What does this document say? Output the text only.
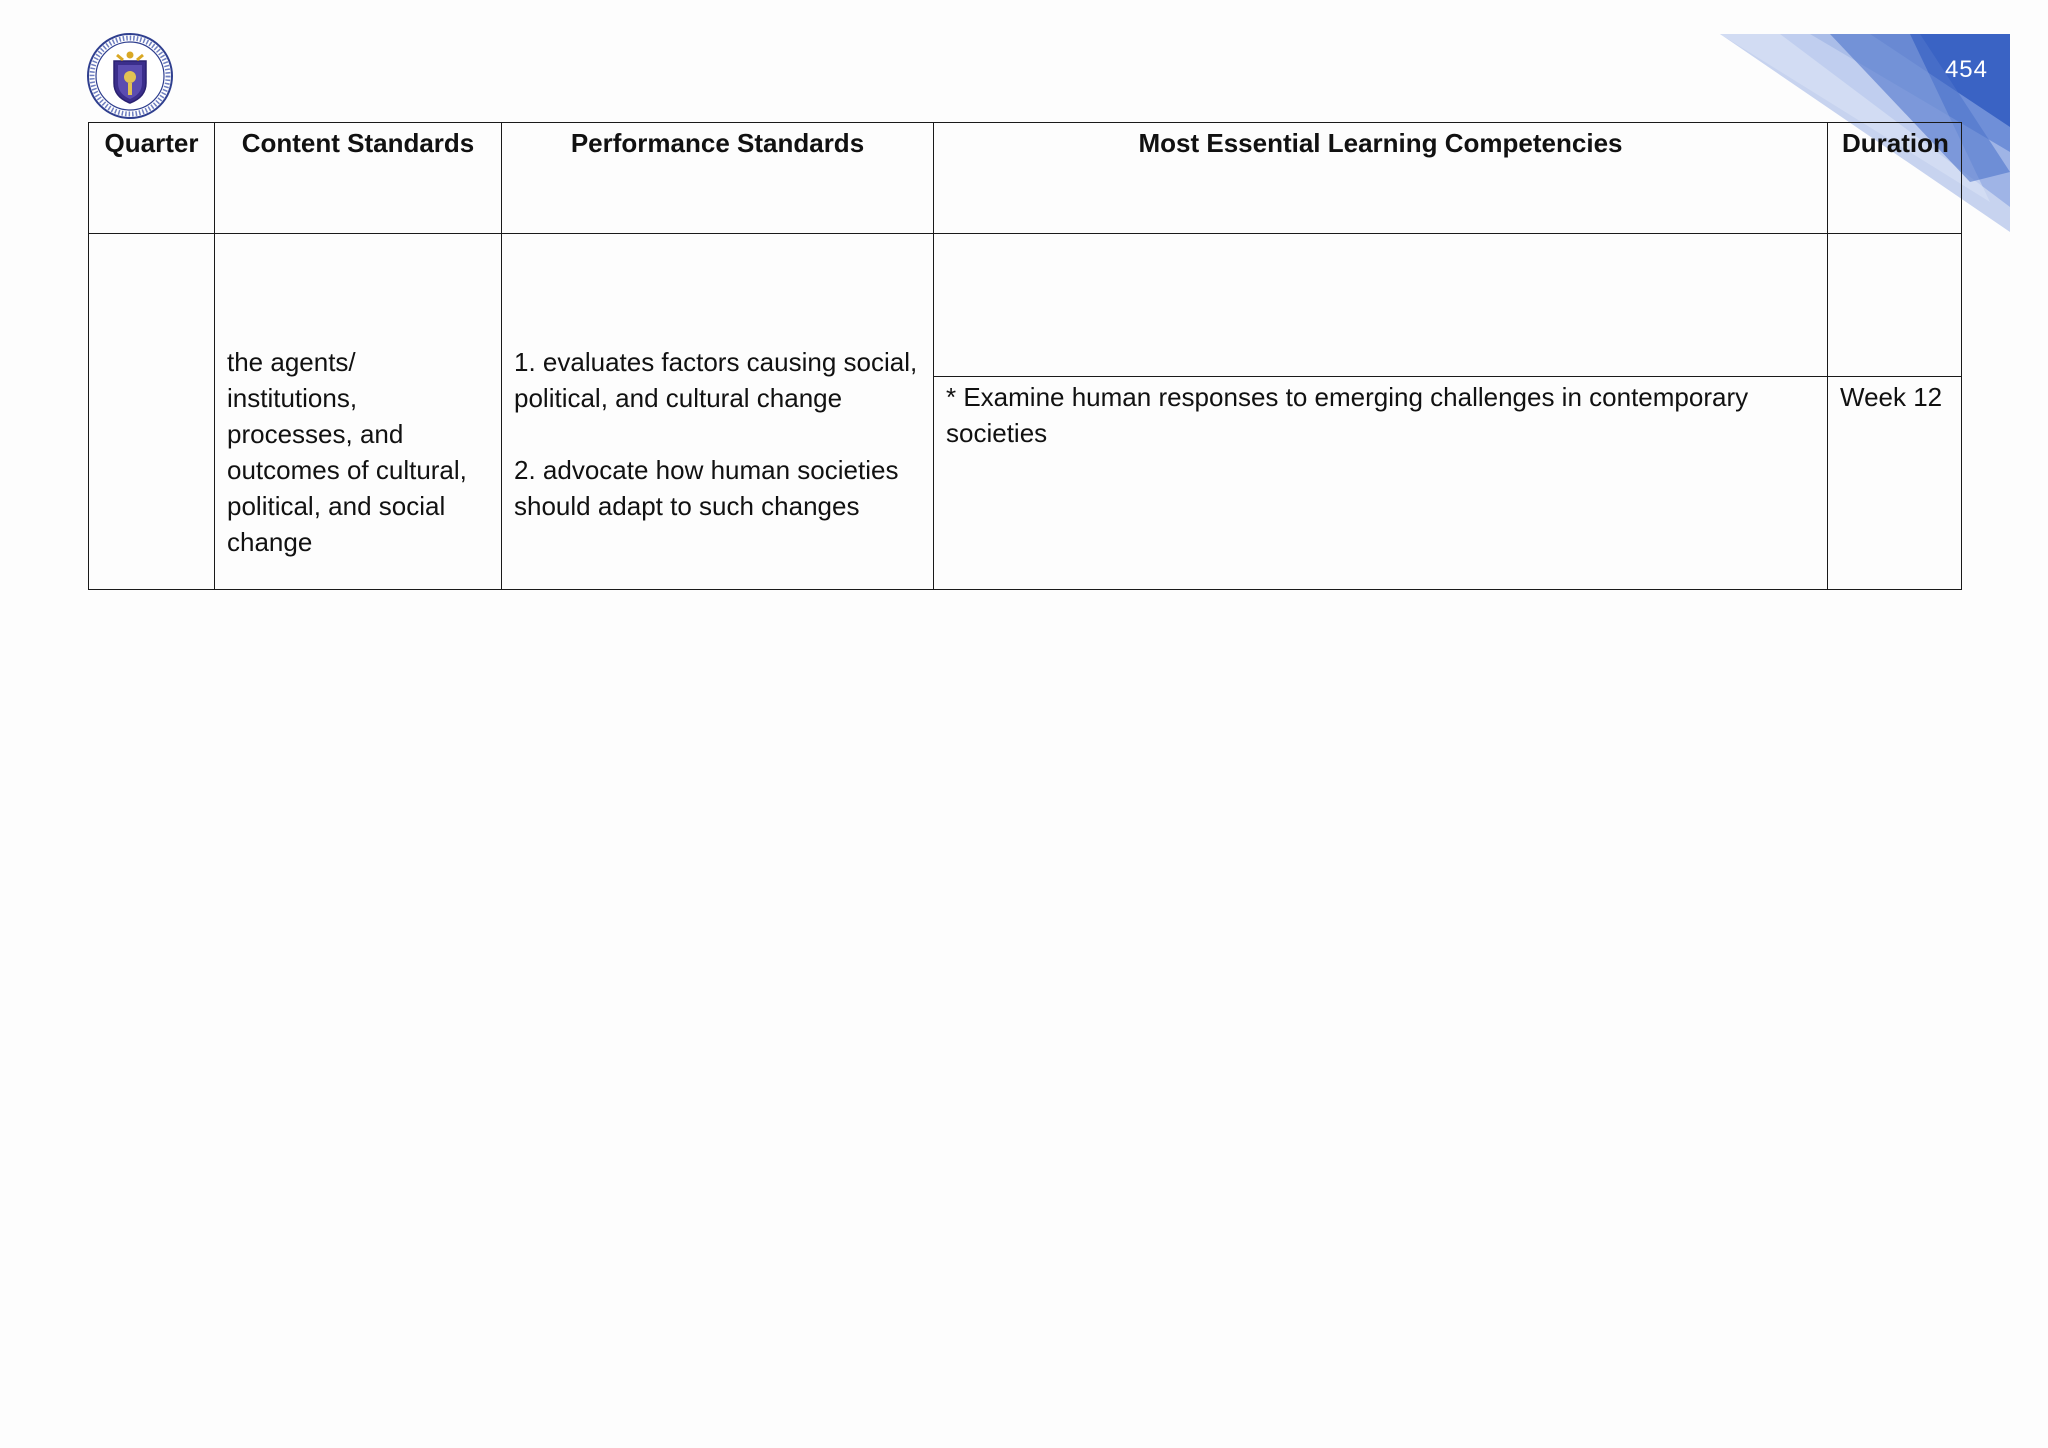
454
Quarter	Content Standards	Performance Standards	Most Essential Learning Competencies	Duration

	the agents/ institutions, processes, and outcomes of cultural, political, and social change	1. evaluates factors causing social, political, and cultural change
2. advocate how human societies should adapt to such changes		

			* Examine human responses to emerging challenges in contemporary societies	Week 12
